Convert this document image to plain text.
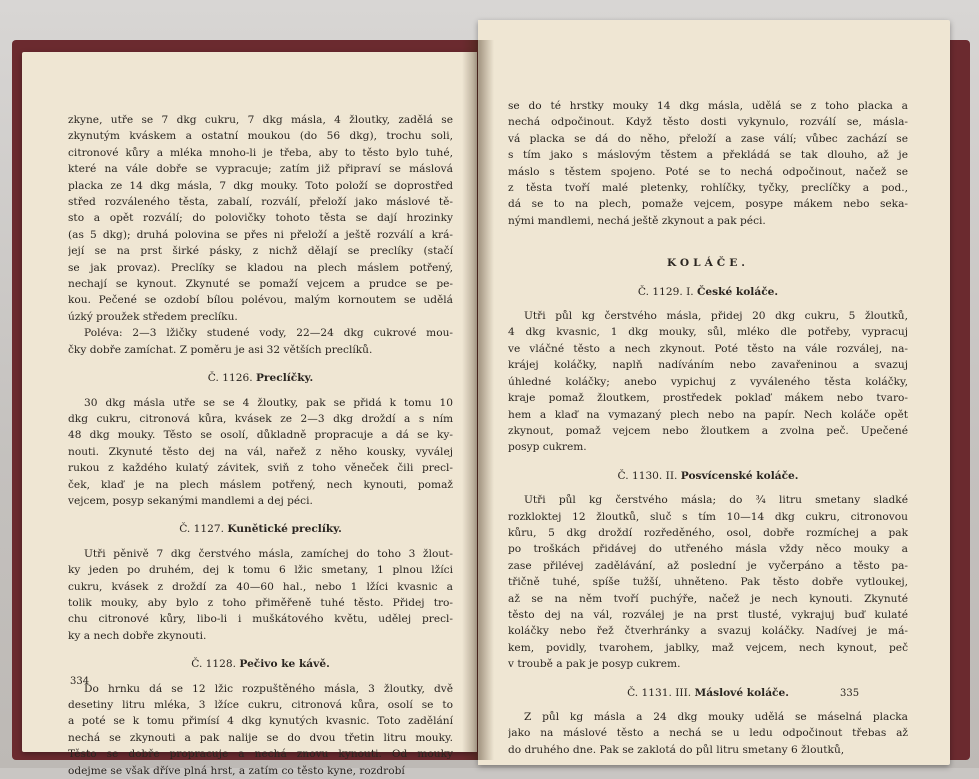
zkyne, utře se 7 dkg cukru, 7 dkg másla, 4 žloutky, zadělá se
zkynutým kváskem a ostatní moukou (do 56 dkg), trochu soli,
citronové kůry a mléka mnoho-li je třeba, aby to těsto bylo tuhé,
které na vále dobře se vypracuje; zatím již připraví se máslová
placka ze 14 dkg másla, 7 dkg mouky. Toto položí se doprostřed
střed rozváleného těsta, zabalí, rozválí, přeloží jako máslové tě-
sto a opět rozválí; do polovičky tohoto těsta se dají hrozinky
(as 5 dkg); druhá polovina se přes ni přeloží a ještě rozválí a krá-
její se na prst širké pásky, z nichž dělají se preclíky (stačí
se jak provaz). Preclíky se kladou na plech máslem potřený,
nechají se kynout. Zkynuté se pomaží vejcem a prudce se pe-
kou. Pečené se ozdobí bílou polévou, malým kornoutem se udělá
úzký proužek středem preclíku.
Poléva: 2—3 lžičky studené vody, 22—24 dkg cukrové mou-
čky dobře zamíchat. Z poměru je asi 32 větších preclíků.
Č. 1126. Preclíčky.
30 dkg másla utře se se 4 žloutky, pak se přidá k tomu 10
dkg cukru, citronová kůra, kvásek ze 2—3 dkg droždí a s ním
48 dkg mouky. Těsto se osolí, důkladně propracuje a dá se ky-
nouti. Zkynuté těsto dej na vál, nařež z něho kousky, vyválej
rukou z každého kulatý závitek, sviň z toho věneček čili precl-
ček, klaď je na plech máslem potřený, nech kynouti, pomaž
vejcem, posyp sekanými mandlemi a dej péci.
Č. 1127. Kunětické preclíky.
Utři pěnivě 7 dkg čerstvého másla, zamíchej do toho 3 žlout-
ky jeden po druhém, dej k tomu 6 lžic smetany, 1 plnou lžíci
cukru, kvásek z droždí za 40—60 hal., nebo 1 lžíci kvasnic a
tolik mouky, aby bylo z toho přiměřeně tuhé těsto. Přidej tro-
chu citronové kůry, libo-li i muškátového květu, udělej precl-
ky a nech dobře zkynouti.
Č. 1128. Pečivo ke kávě.
Do hrnku dá se 12 lžic rozpuštěného másla, 3 žloutky, dvě
desetiny litru mléka, 3 lžíce cukru, citronová kůra, osolí se to
a poté se k tomu přimísí 4 dkg kynutých kvasnic. Toto zadělání
nechá se zkynouti a pak nalije se do dvou třetin litru mouky.
Těsto se dobře propracuje a nechá znovu kynouti. Od mouky
odejme se však dříve plná hrst, a zatím co těsto kyne, rozdrobí
334
se do té hrstky mouky 14 dkg másla, udělá se z toho placka a
nechá odpočinout. Když těsto dosti vykynulo, rozválí se, másla-
vá placka se dá do něho, přeloží a zase válí; vůbec zachází se
s tím jako s máslovým těstem a překládá se tak dlouho, až je
máslo s těstem spojeno. Poté se to nechá odpočinout, načež se
z těsta tvoří malé pletenky, rohlíčky, tyčky, preclíčky a pod.,
dá se to na plech, pomaže vejcem, posype mákem nebo seka-
nými mandlemi, nechá ještě zkynout a pak péci.
KOLÁČE.
Č. 1129. I. České koláče.
Utři půl kg čerstvého másla, přidej 20 dkg cukru, 5 žloutků,
4 dkg kvasnic, 1 dkg mouky, sůl, mléko dle potřeby, vypracuj
ve vláčné těsto a nech zkynout. Poté těsto na vále rozválej, na-
krájej koláčky, naplň nadíváním nebo zavařeninou a svazuj
úhledné koláčky; anebo vypichuj z vyváleného těsta koláčky,
kraje pomaž žloutkem, prostředek poklaď mákem nebo tvaro-
hem a klaď na vymazaný plech nebo na papír. Nech koláče opět
zkynout, pomaž vejcem nebo žloutkem a zvolna peč. Upečené
posyp cukrem.
Č. 1130. II. Posvícenské koláče.
Utři půl kg čerstvého másla; do ¾ litru smetany sladké
rozkloktej 12 žloutků, sluč s tím 10—14 dkg cukru, citronovou
kůru, 5 dkg droždí rozředěného, osol, dobře rozmíchej a pak
po troškách přidávej do utřeného másla vždy něco mouky a
zase přilévej zadělávání, až poslední je vyčerpáno a těsto pa-
třičně tuhé, spíše tužší, uhněteno. Pak těsto dobře vytloukej,
až se na něm tvoří puchýře, načež je nech kynouti. Zkynuté
těsto dej na vál, rozválej je na prst tlusté, vykrajuj buď kulaté
koláčky nebo řež čtverhránky a svazuj koláčky. Nadívej je má-
kem, povidly, tvarohem, jablky, maž vejcem, nech kynout, peč
v troubě a pak je posyp cukrem.
Č. 1131. III. Máslové koláče.
Z půl kg másla a 24 dkg mouky udělá se máselná placka
jako na máslové těsto a nechá se u ledu odpočinout třebas až
do druhého dne. Pak se zaklotá do půl litru smetany 6 žloutků,
335
